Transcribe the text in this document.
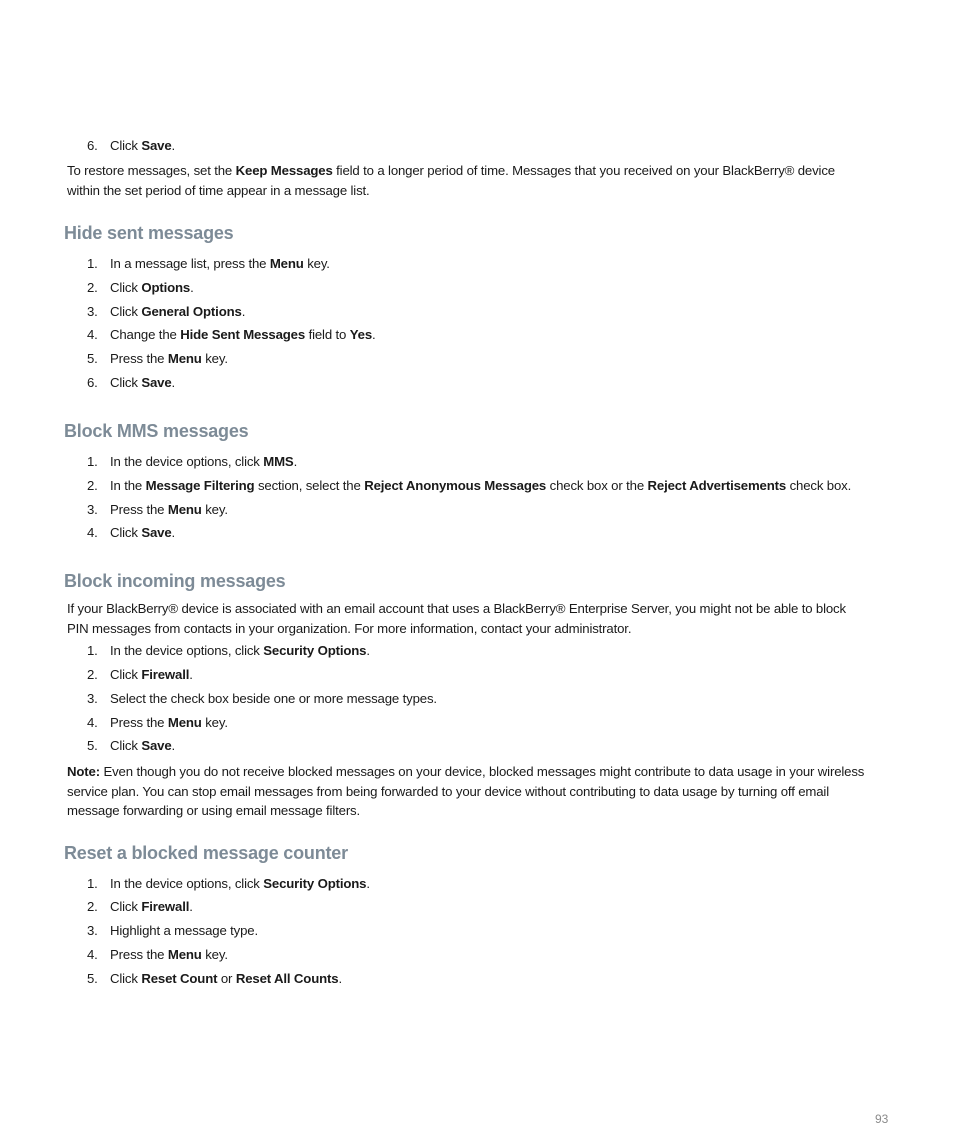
6. Click Save.
To restore messages, set the Keep Messages field to a longer period of time. Messages that you received on your BlackBerry® device
within the set period of time appear in a message list.
Hide sent messages
1. In a message list, press the Menu key.
2. Click Options.
3. Click General Options.
4. Change the Hide Sent Messages field to Yes.
5. Press the Menu key.
6. Click Save.
Block MMS messages
1. In the device options, click MMS.
2. In the Message Filtering section, select the Reject Anonymous Messages check box or the Reject Advertisements check box.
3. Press the Menu key.
4. Click Save.
Block incoming messages
If your BlackBerry® device is associated with an email account that uses a BlackBerry® Enterprise Server, you might not be able to block
PIN messages from contacts in your organization. For more information, contact your administrator.
1. In the device options, click Security Options.
2. Click Firewall.
3. Select the check box beside one or more message types.
4. Press the Menu key.
5. Click Save.
Note: Even though you do not receive blocked messages on your device, blocked messages might contribute to data usage in your wireless
service plan. You can stop email messages from being forwarded to your device without contributing to data usage by turning off email
message forwarding or using email message filters.
Reset a blocked message counter
1. In the device options, click Security Options.
2. Click Firewall.
3. Highlight a message type.
4. Press the Menu key.
5. Click Reset Count or Reset All Counts.
93
